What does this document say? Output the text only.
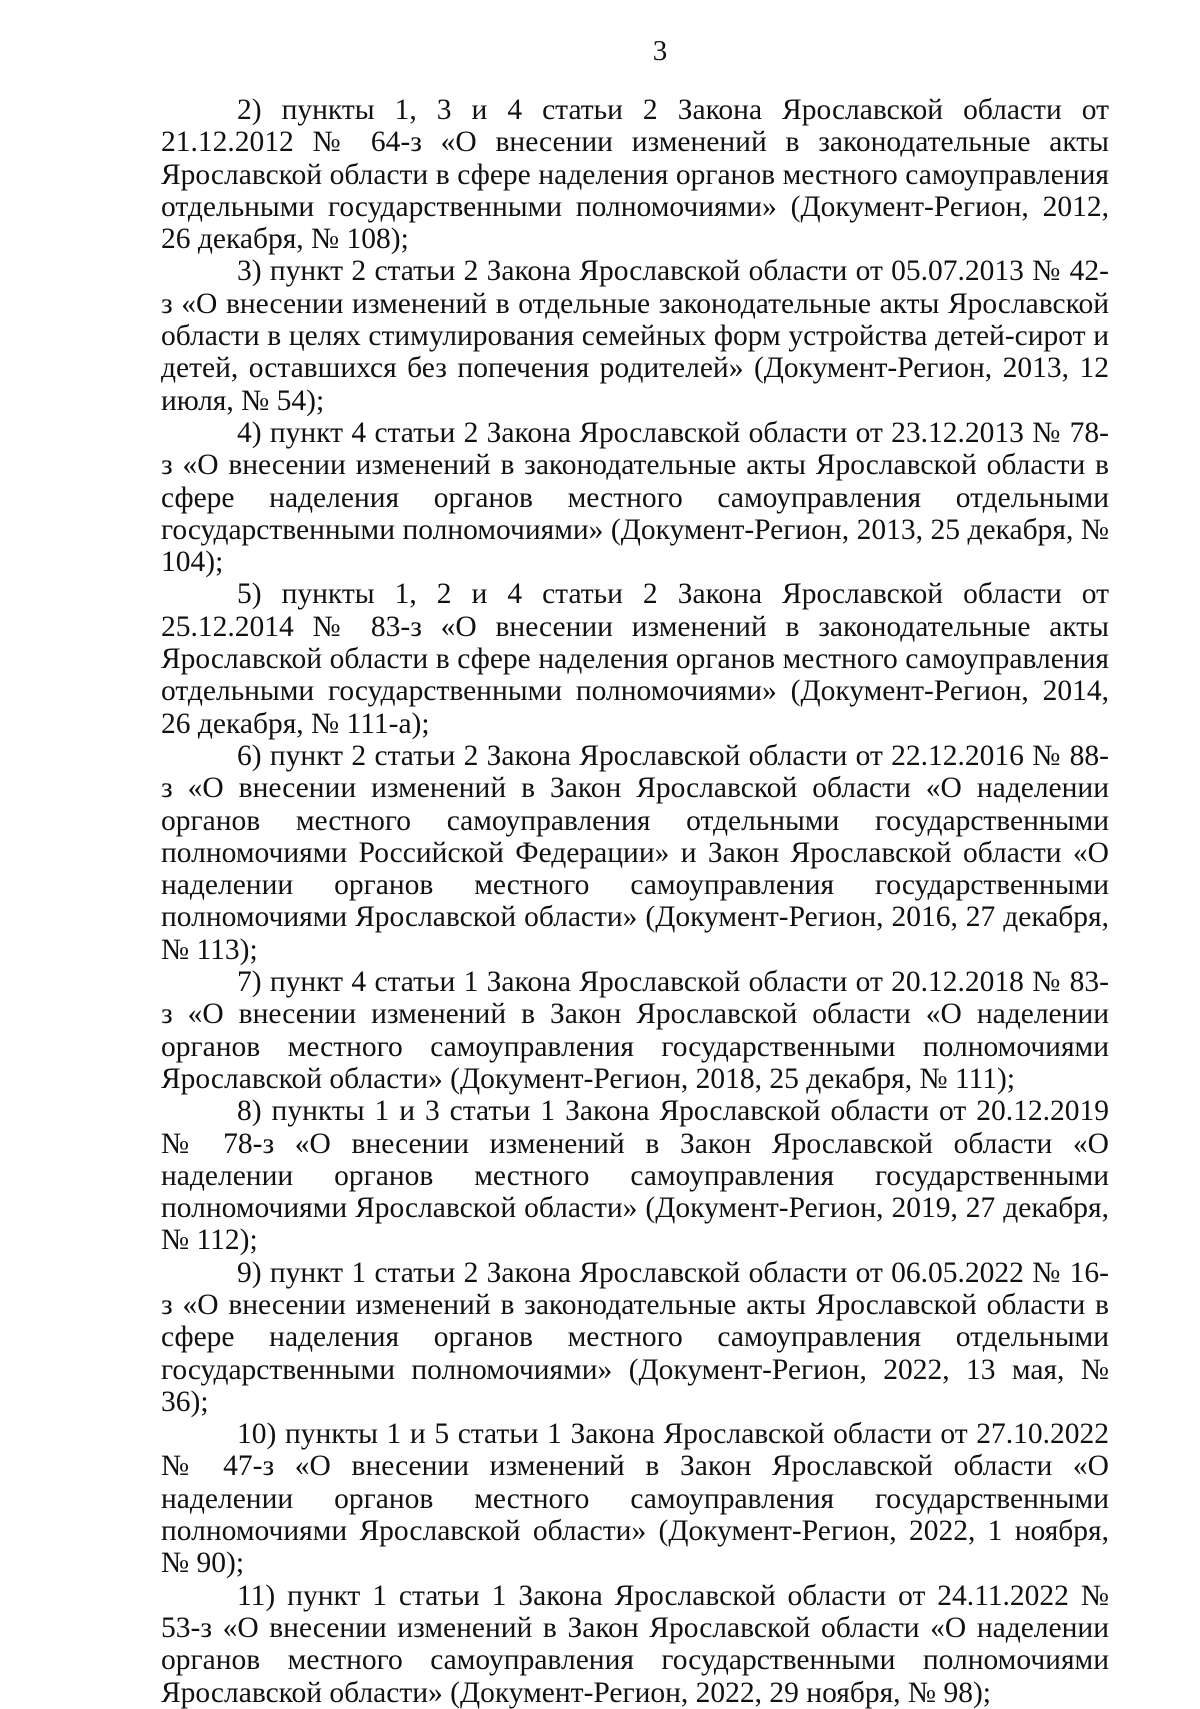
3

2) пункты 1, 3 и 4 статьи 2 Закона Ярославской области от 21.12.2012 № 64-з «О внесении изменений в законодательные акты Ярославской области в сфере наделения органов местного самоуправления отдельными государственными полномочиями» (Документ-Регион, 2012, 26 декабря, № 108);

3) пункт 2 статьи 2 Закона Ярославской области от 05.07.2013 № 42-з «О внесении изменений в отдельные законодательные акты Ярославской области в целях стимулирования семейных форм устройства детей-сирот и детей, оставшихся без попечения родителей» (Документ-Регион, 2013, 12 июля, № 54);

4) пункт 4 статьи 2 Закона Ярославской области от 23.12.2013 № 78-з «О внесении изменений в законодательные акты Ярославской области в сфере наделения органов местного самоуправления отдельными государственными полномочиями» (Документ-Регион, 2013, 25 декабря, № 104);

5) пункты 1, 2 и 4 статьи 2 Закона Ярославской области от 25.12.2014 № 83-з «О внесении изменений в законодательные акты Ярославской области в сфере наделения органов местного самоуправления отдельными государственными полномочиями» (Документ-Регион, 2014, 26 декабря, № 111-а);

6) пункт 2 статьи 2 Закона Ярославской области от 22.12.2016 № 88-з «О внесении изменений в Закон Ярославской области «О наделении органов местного самоуправления отдельными государственными полномочиями Российской Федерации» и Закон Ярославской области «О наделении органов местного самоуправления государственными полномочиями Ярославской области» (Документ-Регион, 2016, 27 декабря, № 113);

7) пункт 4 статьи 1 Закона Ярославской области от 20.12.2018 № 83-з «О внесении изменений в Закон Ярославской области «О наделении органов местного самоуправления государственными полномочиями Ярославской области» (Документ-Регион, 2018, 25 декабря, № 111);

8) пункты 1 и 3 статьи 1 Закона Ярославской области от 20.12.2019 № 78-з «О внесении изменений в Закон Ярославской области «О наделении органов местного самоуправления государственными полномочиями Ярославской области» (Документ-Регион, 2019, 27 декабря, № 112);

9) пункт 1 статьи 2 Закона Ярославской области от 06.05.2022 № 16-з «О внесении изменений в законодательные акты Ярославской области в сфере наделения органов местного самоуправления отдельными государственными полномочиями» (Документ-Регион, 2022, 13 мая, № 36);

10) пункты 1 и 5 статьи 1 Закона Ярославской области от 27.10.2022 № 47-з «О внесении изменений в Закон Ярославской области «О наделении органов местного самоуправления государственными полномочиями Ярославской области» (Документ-Регион, 2022, 1 ноября, № 90);

11) пункт 1 статьи 1 Закона Ярославской области от 24.11.2022 № 53-з «О внесении изменений в Закон Ярославской области «О наделении органов местного самоуправления государственными полномочиями Ярославской области» (Документ-Регион, 2022, 29 ноября, № 98);
